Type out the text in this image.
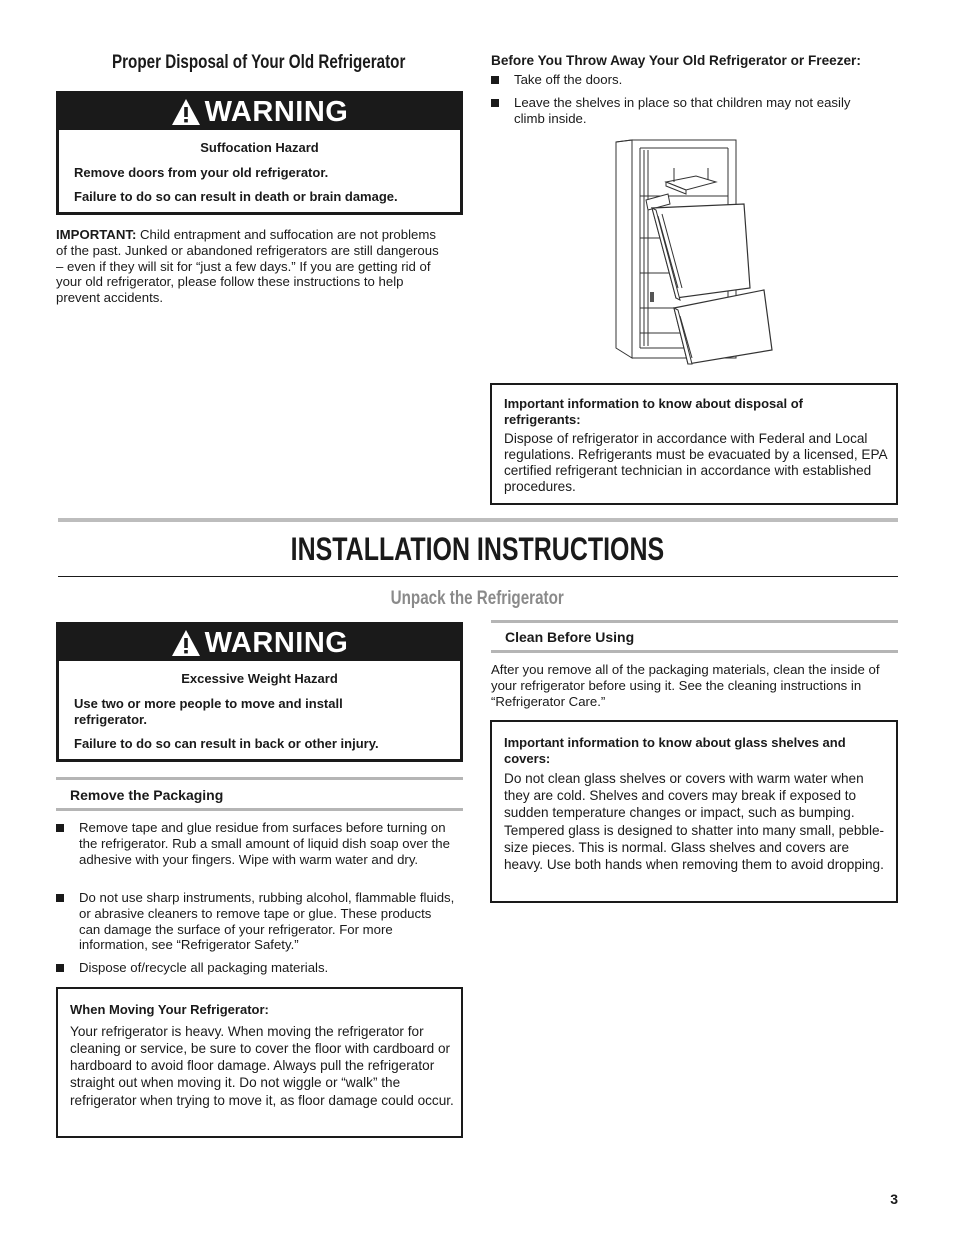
Proper Disposal of Your Old Refrigerator
WARNING
Suffocation Hazard
Remove doors from your old refrigerator.
Failure to do so can result in death or brain damage.
IMPORTANT: Child entrapment and suffocation are not problems
of the past. Junked or abandoned refrigerators are still dangerous
– even if they will sit for “just a few days.” If you are getting rid of
your old refrigerator, please follow these instructions to help
prevent accidents.
Before You Throw Away Your Old Refrigerator or Freezer:
Take off the doors.
Leave the shelves in place so that children may not easily climb inside.
Important information to know about disposal of refrigerants:
Dispose of refrigerator in accordance with Federal and Local regulations. Refrigerants must be evacuated by a licensed, EPA certified refrigerant technician in accordance with established procedures.
INSTALLATION INSTRUCTIONS
Unpack the Refrigerator
WARNING
Excessive Weight Hazard
Use two or more people to move and install refrigerator.
Failure to do so can result in back or other injury.
Remove the Packaging
Remove tape and glue residue from surfaces before turning on the refrigerator. Rub a small amount of liquid dish soap over the adhesive with your fingers. Wipe with warm water and dry.
Do not use sharp instruments, rubbing alcohol, flammable fluids, or abrasive cleaners to remove tape or glue. These products can damage the surface of your refrigerator. For more information, see “Refrigerator Safety.”
Dispose of/recycle all packaging materials.
When Moving Your Refrigerator:
Your refrigerator is heavy. When moving the refrigerator for cleaning or service, be sure to cover the floor with cardboard or hardboard to avoid floor damage. Always pull the refrigerator straight out when moving it. Do not wiggle or “walk” the refrigerator when trying to move it, as floor damage could occur.
Clean Before Using
After you remove all of the packaging materials, clean the inside of your refrigerator before using it. See the cleaning instructions in “Refrigerator Care.”
Important information to know about glass shelves and covers:
Do not clean glass shelves or covers with warm water when they are cold. Shelves and covers may break if exposed to sudden temperature changes or impact, such as bumping. Tempered glass is designed to shatter into many small, pebble-size pieces. This is normal. Glass shelves and covers are heavy. Use both hands when removing them to avoid dropping.
3
